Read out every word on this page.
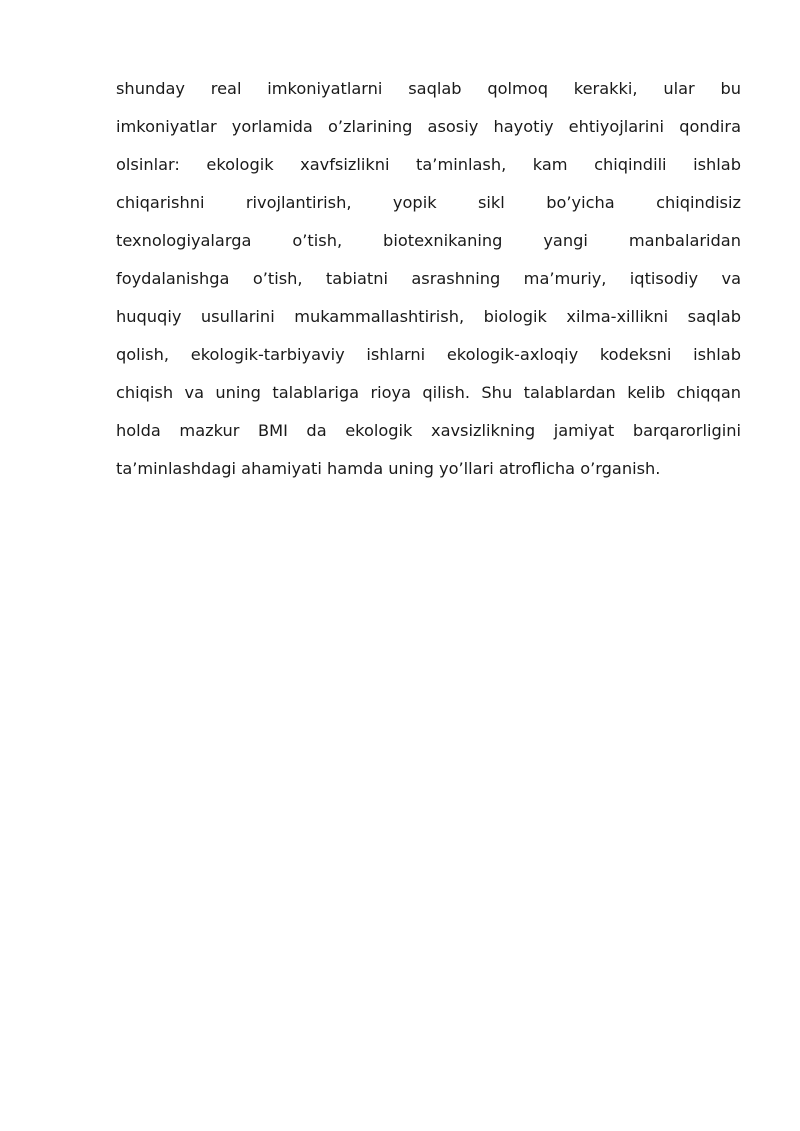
shunday real imkoniyatlarni saqlab qolmoq kerakki, ular bu
imkoniyatlar yorlamida o’zlarining asosiy hayotiy ehtiyojlarini qondira
olsinlar: ekologik xavfsizlikni ta’minlash, kam chiqindili ishlab
chiqarishni rivojlantirish, yopik sikl bo’yicha chiqindisiz
texnologiyalarga o’tish, biotexnikaning yangi manbalaridan
foydalanishga o’tish, tabiatni asrashning ma’muriy, iqtisodiy va
huquqiy usullarini mukammallashtirish, biologik xilma-xillikni saqlab
qolish, ekologik-tarbiyaviy ishlarni ekologik-axloqiy kodeksni ishlab
chiqish va uning talablariga rioya qilish. Shu talablardan kelib chiqqan
holda mazkur BMI da ekologik xavsizlikning jamiyat barqarorligini
ta’minlashdagi ahamiyati hamda uning yo’llari atroflicha o’rganish.
